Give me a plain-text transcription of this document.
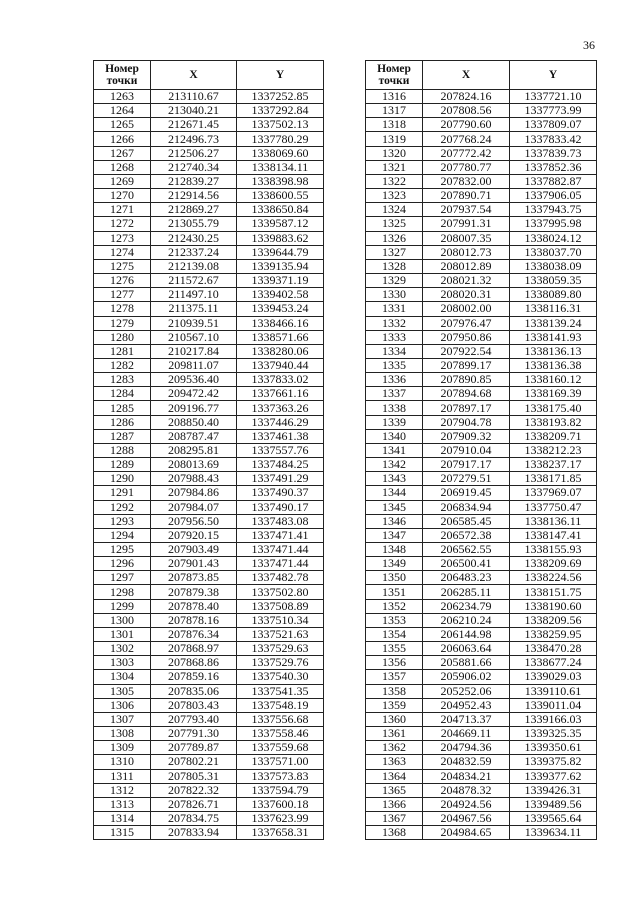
36
Номер точки	X	Y
1263	213110.67	1337252.85
1264	213040.21	1337292.84
1265	212671.45	1337502.13
1266	212496.73	1337780.29
1267	212506.27	1338069.60
1268	212740.34	1338134.11
1269	212839.27	1338398.98
1270	212914.56	1338600.55
1271	212869.27	1338650.84
1272	213055.79	1339587.12
1273	212430.25	1339883.62
1274	212337.24	1339644.79
1275	212139.08	1339135.94
1276	211572.67	1339371.19
1277	211497.10	1339402.58
1278	211375.11	1339453.24
1279	210939.51	1338466.16
1280	210567.10	1338571.66
1281	210217.84	1338280.06
1282	209811.07	1337940.44
1283	209536.40	1337833.02
1284	209472.42	1337661.16
1285	209196.77	1337363.26
1286	208850.40	1337446.29
1287	208787.47	1337461.38
1288	208295.81	1337557.76
1289	208013.69	1337484.25
1290	207988.43	1337491.29
1291	207984.86	1337490.37
1292	207984.07	1337490.17
1293	207956.50	1337483.08
1294	207920.15	1337471.41
1295	207903.49	1337471.44
1296	207901.43	1337471.44
1297	207873.85	1337482.78
1298	207879.38	1337502.80
1299	207878.40	1337508.89
1300	207878.16	1337510.34
1301	207876.34	1337521.63
1302	207868.97	1337529.63
1303	207868.86	1337529.76
1304	207859.16	1337540.30
1305	207835.06	1337541.35
1306	207803.43	1337548.19
1307	207793.40	1337556.68
1308	207791.30	1337558.46
1309	207789.87	1337559.68
1310	207802.21	1337571.00
1311	207805.31	1337573.83
1312	207822.32	1337594.79
1313	207826.71	1337600.18
1314	207834.75	1337623.99
1315	207833.94	1337658.31
Номер точки	X	Y
1316	207824.16	1337721.10
1317	207808.56	1337773.99
1318	207790.60	1337809.07
1319	207768.24	1337833.42
1320	207772.42	1337839.73
1321	207780.77	1337852.36
1322	207832.00	1337882.87
1323	207890.71	1337906.05
1324	207937.54	1337943.75
1325	207991.31	1337995.98
1326	208007.35	1338024.12
1327	208012.73	1338037.70
1328	208012.89	1338038.09
1329	208021.32	1338059.35
1330	208020.31	1338089.80
1331	208002.00	1338116.31
1332	207976.47	1338139.24
1333	207950.86	1338141.93
1334	207922.54	1338136.13
1335	207899.17	1338136.38
1336	207890.85	1338160.12
1337	207894.68	1338169.39
1338	207897.17	1338175.40
1339	207904.78	1338193.82
1340	207909.32	1338209.71
1341	207910.04	1338212.23
1342	207917.17	1338237.17
1343	207279.51	1338171.85
1344	206919.45	1337969.07
1345	206834.94	1337750.47
1346	206585.45	1338136.11
1347	206572.38	1338147.41
1348	206562.55	1338155.93
1349	206500.41	1338209.69
1350	206483.23	1338224.56
1351	206285.11	1338151.75
1352	206234.79	1338190.60
1353	206210.24	1338209.56
1354	206144.98	1338259.95
1355	206063.64	1338470.28
1356	205881.66	1338677.24
1357	205906.02	1339029.03
1358	205252.06	1339110.61
1359	204952.43	1339011.04
1360	204713.37	1339166.03
1361	204669.11	1339325.35
1362	204794.36	1339350.61
1363	204832.59	1339375.82
1364	204834.21	1339377.62
1365	204878.32	1339426.31
1366	204924.56	1339489.56
1367	204967.56	1339565.64
1368	204984.65	1339634.11
